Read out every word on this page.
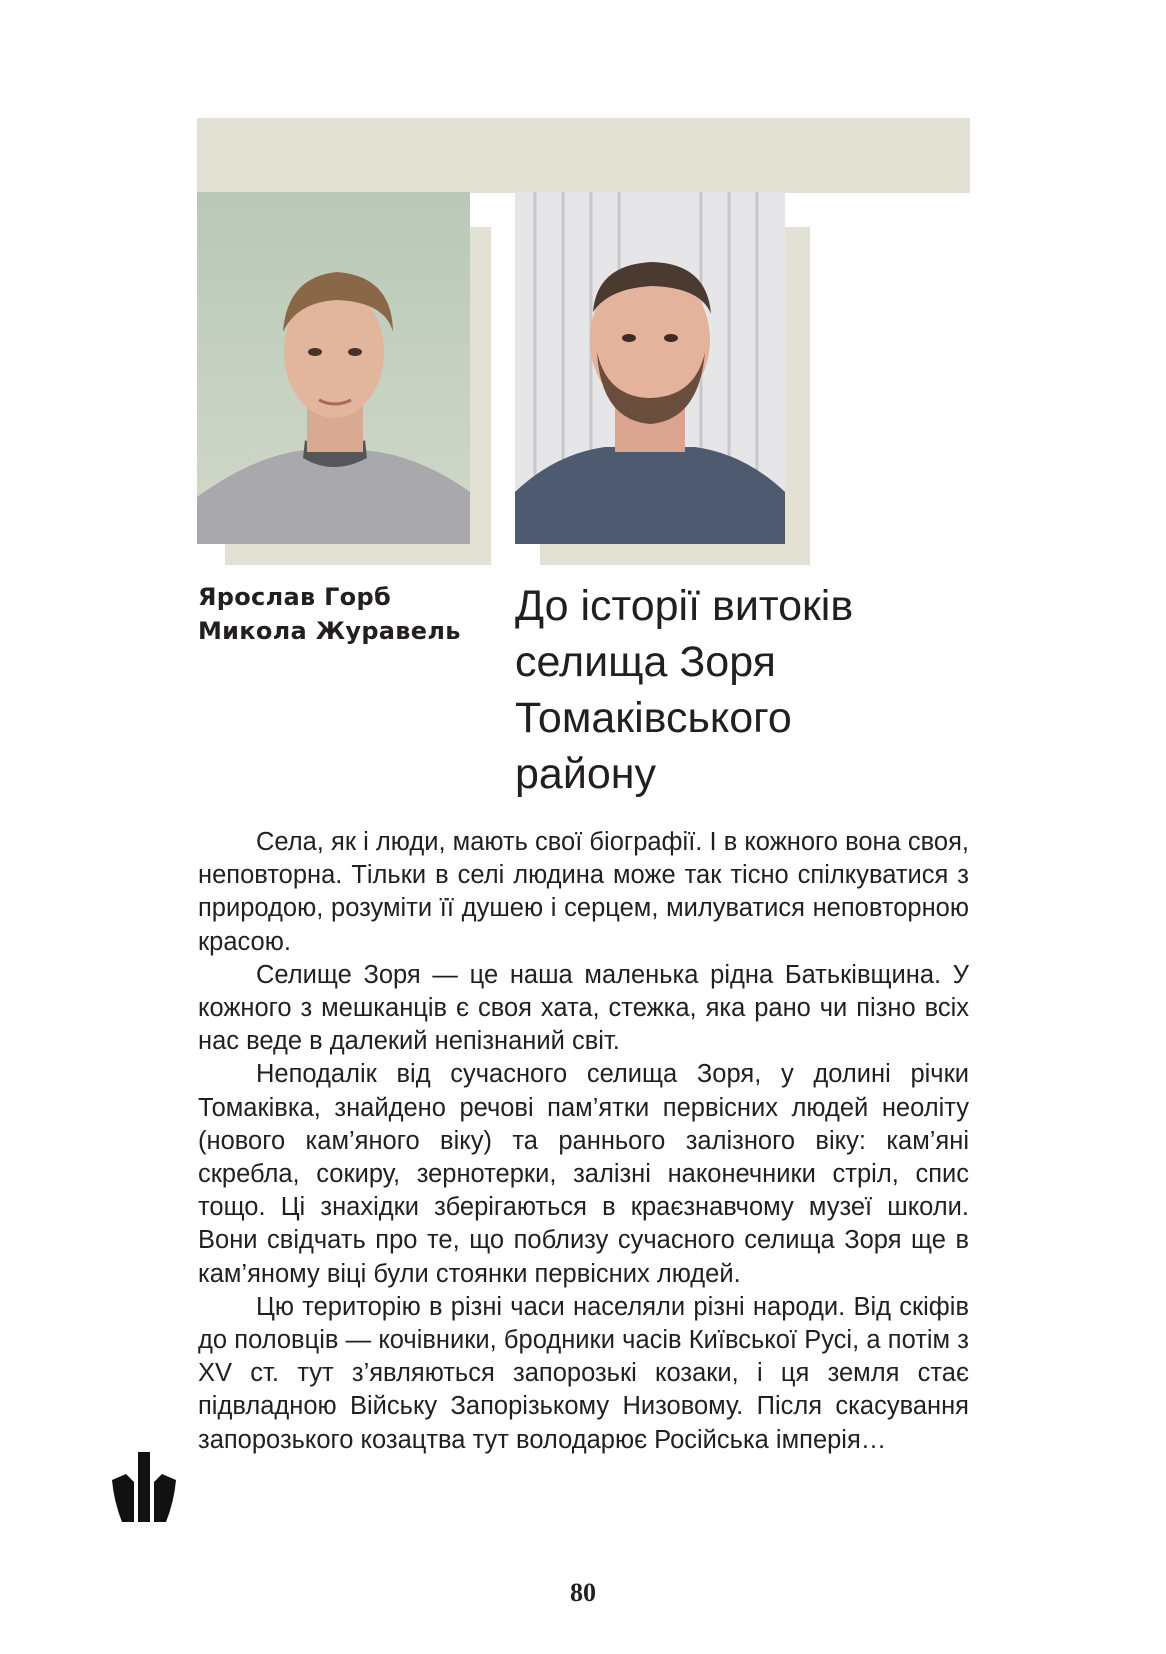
Ярослав Горб
Микола Журавель
До історії витоків
селища Зоря
Томаківського
району

Села, як і люди, мають свої біографії. І в кожного вона своя, неповторна. Тільки в селі людина може так тісно спілкуватися з природою, розуміти її душею і серцем, милуватися неповторною красою.

Селище Зоря — це наша маленька рідна Батьківщина. У кожного з мешканців є своя хата, стежка, яка рано чи пізно всіх нас веде в далекий непізнаний світ.

Неподалік від сучасного селища Зоря, у долині річки Томаківка, знайдено речові пам’ятки первісних людей неоліту (нового кам’яного віку) та раннього залізного віку: кам’яні скребла, сокиру, зернотерки, залізні наконечники стріл, спис тощо. Ці знахідки зберігаються в краєзнавчому музеї школи. Вони свідчать про те, що поблизу сучасного селища Зоря ще в кам’яному віці були стоянки первісних людей.

Цю територію в різні часи населяли різні народи. Від скіфів до половців — кочівники, бродники часів Київської Русі, а потім з XV ст. тут з’являються запорозькі козаки, і ця земля стає підвладною Війську Запорізькому Низовому. Після скасування запорозького козацтва тут володарює Російська імперія…

80
